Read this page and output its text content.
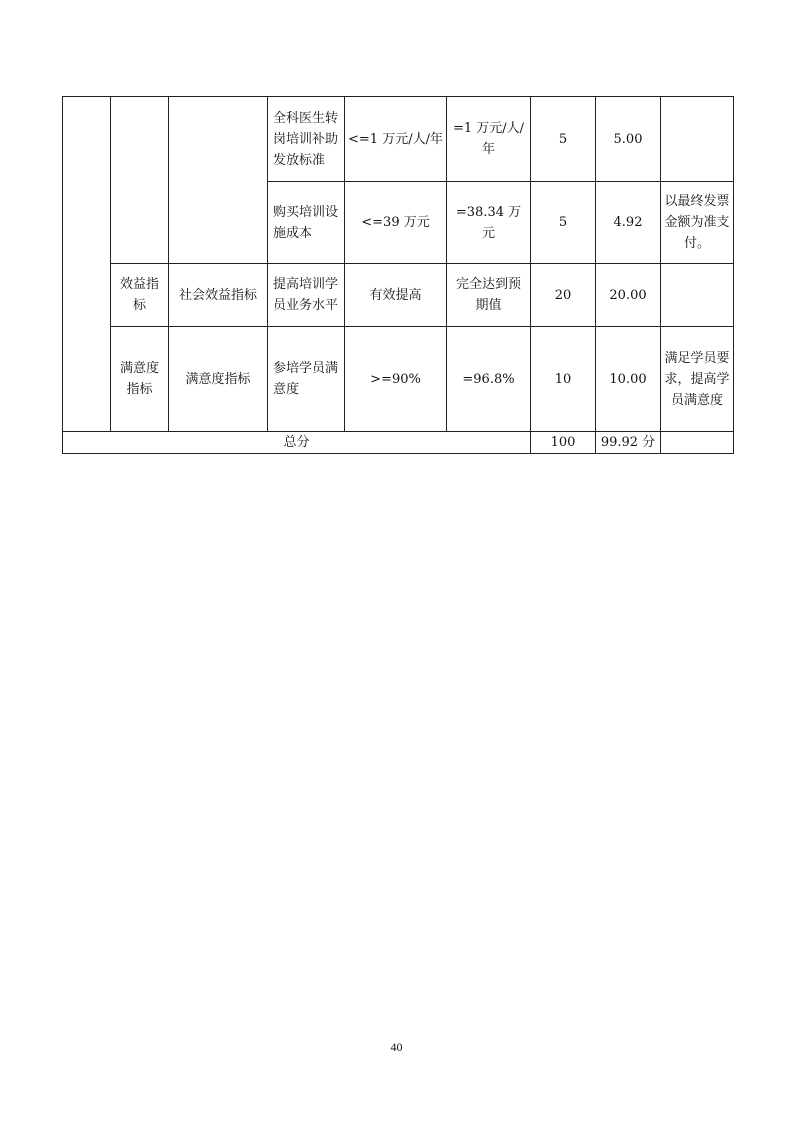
			全科医生转岗培训补助发放标准	<=1 万元/人/年	=1 万元/人/年	5	5.00	
			购买培训设施成本	<=39 万元	=38.34 万元	5	4.92	以最终发票金额为准支付。
	效益指标	社会效益指标	提高培训学员业务水平	有效提高	完全达到预期值	20	20.00	
	满意度指标	满意度指标	参培学员满意度	>=90%	=96.8%	10	10.00	满足学员要求，提高学员满意度
总分						100	99.92 分	
40
